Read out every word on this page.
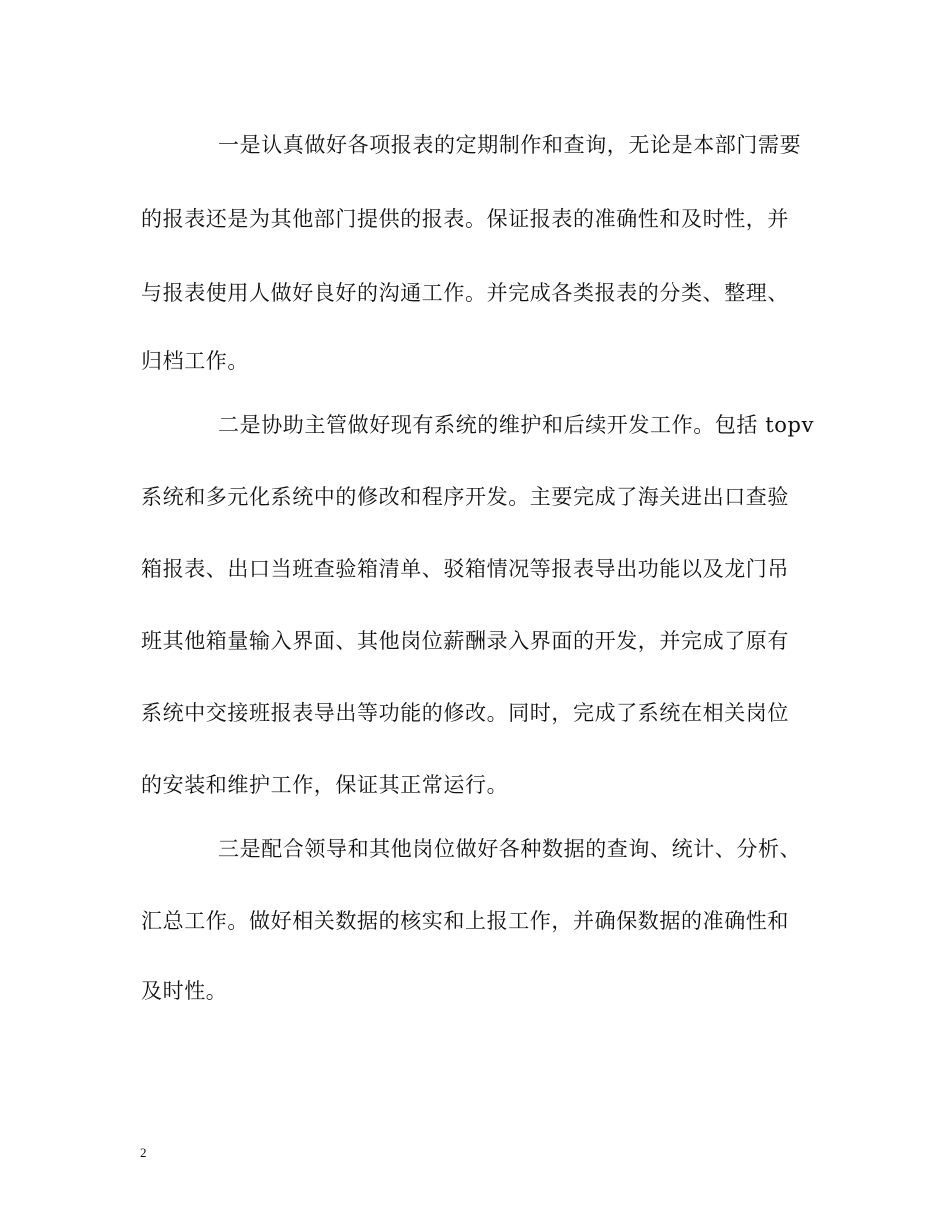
一是认真做好各项报表的定期制作和查询，无论是本部门需要
的报表还是为其他部门提供的报表。保证报表的准确性和及时性，并
与报表使用人做好良好的沟通工作。并完成各类报表的分类、整理、
归档工作。
二是协助主管做好现有系统的维护和后续开发工作。包括 topv
系统和多元化系统中的修改和程序开发。主要完成了海关进出口查验
箱报表、出口当班查验箱清单、驳箱情况等报表导出功能以及龙门吊
班其他箱量输入界面、其他岗位薪酬录入界面的开发，并完成了原有
系统中交接班报表导出等功能的修改。同时，完成了系统在相关岗位
的安装和维护工作，保证其正常运行。
三是配合领导和其他岗位做好各种数据的查询、统计、分析、
汇总工作。做好相关数据的核实和上报工作，并确保数据的准确性和
及时性。
2
